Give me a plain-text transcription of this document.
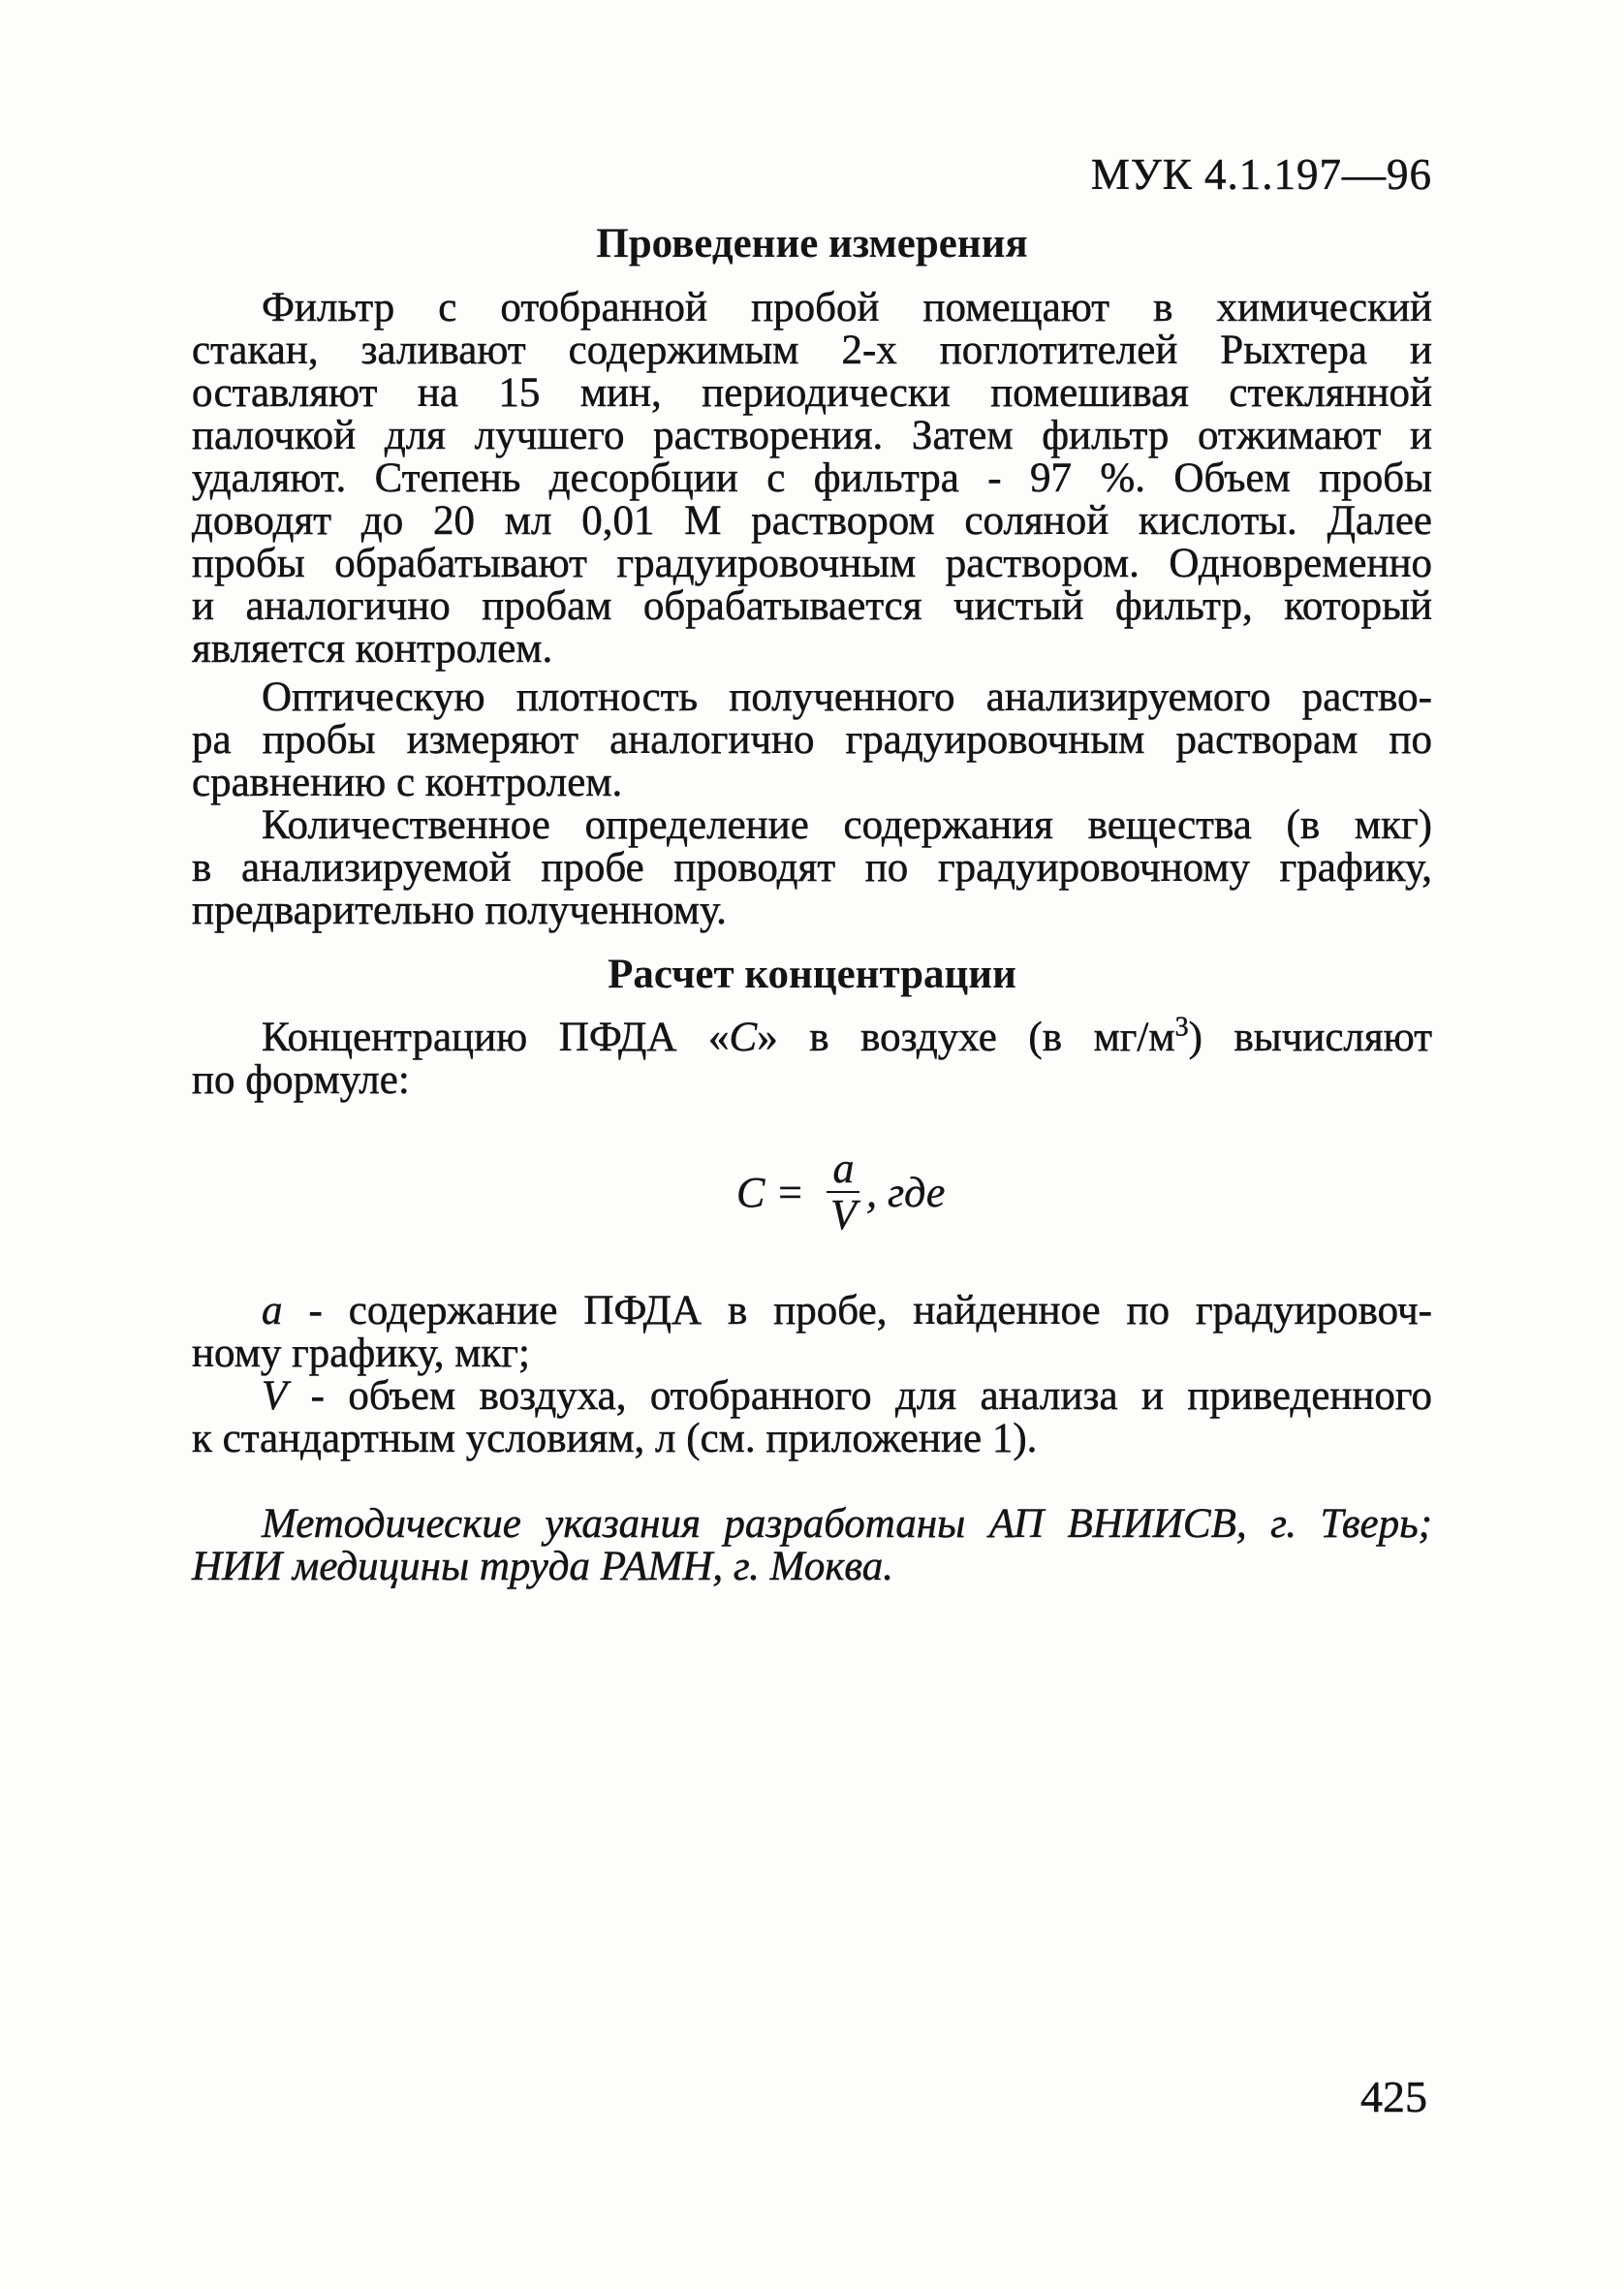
МУК 4.1.197—96
Проведение измерения
Фильтр с отобранной пробой помещают в химический
стакан, заливают содержимым 2-х поглотителей Рыхтера и
оставляют на 15 мин, периодически помешивая стеклянной
палочкой для лучшего растворения. Затем фильтр отжимают и
удаляют. Степень десорбции с фильтра - 97 %. Объем пробы
доводят до 20 мл 0,01 М раствором соляной кислоты. Далее
пробы обрабатывают градуировочным раствором. Одновременно
и аналогично пробам обрабатывается чистый фильтр, который
является контролем.
Оптическую плотность полученного анализируемого раство-
ра пробы измеряют аналогично градуировочным растворам по
сравнению с контролем.
Количественное определение содержания вещества (в мкг)
в анализируемой пробе проводят по градуировочному графику,
предварительно полученному.
Расчет концентрации
Концентрацию ПФДА «С» в воздухе (в $мг/м^3$) вычисляют
по формуле:
$C = \frac{a}{V}$ , где
a - содержание ПФДА в пробе, найденное по градуировоч-
ному графику, мкг;
V - объем воздуха, отобранного для анализа и приведенного
к стандартным условиям, л (см. приложение 1).
Методические указания разработаны АП ВНИИСВ, г. Тверь;
НИИ медицины труда РАМН, г. Моква.
425
